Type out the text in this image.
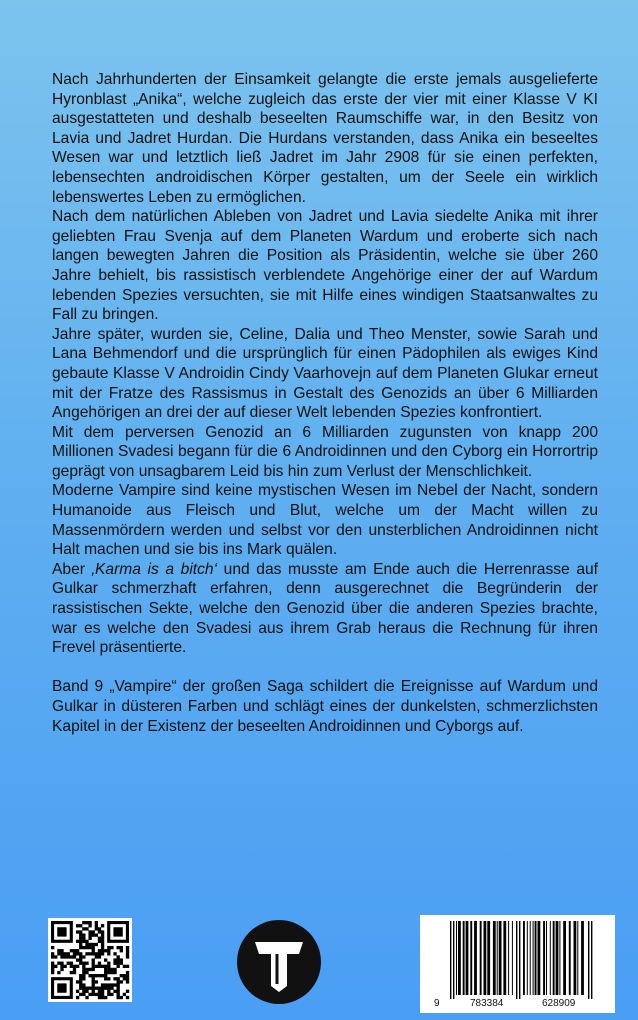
Nach Jahrhunderten der Einsamkeit gelangte die erste jemals ausgelieferte Hyronblast „Anika“, welche zugleich das erste der vier mit einer Klasse V KI ausgestatteten und deshalb beseelten Raumschiffe war, in den Besitz von Lavia und Jadret Hurdan. Die Hurdans verstanden, dass Anika ein beseeltes Wesen war und letztlich ließ Jadret im Jahr 2908 für sie einen perfekten, lebensechten androidischen Körper gestalten, um der Seele ein wirklich lebenswertes Leben zu ermöglichen.

Nach dem natürlichen Ableben von Jadret und Lavia siedelte Anika mit ihrer geliebten Frau Svenja auf dem Planeten Wardum und eroberte sich nach langen bewegten Jahren die Position als Präsidentin, welche sie über 260 Jahre behielt, bis rassistisch verblendete Angehörige einer der auf Wardum lebenden Spezies versuchten, sie mit Hilfe eines windigen Staatsanwaltes zu Fall zu bringen.

Jahre später, wurden sie, Celine, Dalia und Theo Menster, sowie Sarah und Lana Behmendorf und die ursprünglich für einen Pädophilen als ewiges Kind gebaute Klasse V Androidin Cindy Vaarhovejn auf dem Planeten Glukar erneut mit der Fratze des Rassismus in Gestalt des Genozids an über 6 Milliarden Angehörigen an drei der auf dieser Welt lebenden Spezies konfrontiert.

Mit dem perversen Genozid an 6 Milliarden zugunsten von knapp 200 Millionen Svadesi begann für die 6 Androidinnen und den Cyborg ein Horrortrip geprägt von unsagbarem Leid bis hin zum Verlust der Menschlichkeit.

Moderne Vampire sind keine mystischen Wesen im Nebel der Nacht, sondern Humanoide aus Fleisch und Blut, welche um der Macht willen zu Massenmördern werden und selbst vor den unsterblichen Androidinnen nicht Halt machen und sie bis ins Mark quälen.

Aber ‚Karma is a bitch‘ und das musste am Ende auch die Herrenrasse auf Gulkar schmerzhaft erfahren, denn ausgerechnet die Begründerin der rassistischen Sekte, welche den Genozid über die anderen Spezies brachte, war es welche den Svadesi aus ihrem Grab heraus die Rechnung für ihren Frevel präsentierte.

Band 9 „Vampire“ der großen Saga schildert die Ereignisse auf Wardum und Gulkar in düsteren Farben und schlägt eines der dunkelsten, schmerzlichsten Kapitel in der Existenz der beseelten Androidinnen und Cyborgs auf.

9	783384	628909
